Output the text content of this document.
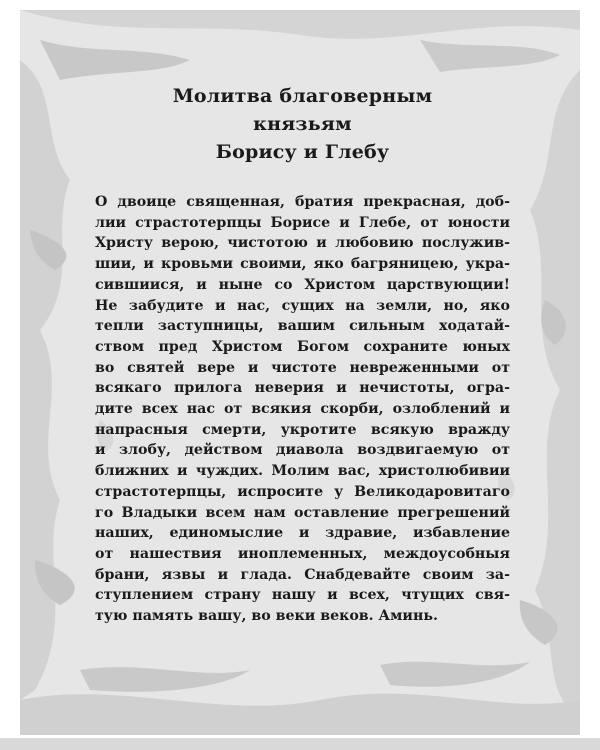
Молитва благоверным
князьям
Борису и Глебу

О двоице священная, братия прекрасная, доб-
лии страстотерпцы Борисе и Глебе, от юности
Христу верою, чистотою и любовию послужив-
шии, и кровьми своими, яко багряницею, укра-
сившиися, и ныне со Христом царствующии!
Не забудите и нас, сущих на земли, но, яко
тепли заступницы, вашим сильным ходатай-
ством пред Христом Богом сохраните юных
во святей вере и чистоте невреженными от
всякаго прилога неверия и нечистоты, огра-
дите всех нас от всякия скорби, озлоблений и
напрасныя смерти, укротите всякую вражду
и злобу, действом диавола воздвигаемую от
ближних и чуждих. Молим вас, христолюбивии
страстотерпцы, испросите у Великодаровитаго
го Владыки всем нам оставление прегрешений
наших, единомыслие и здравие, избавление
от нашествия иноплеменных, междоусобныя
брани, язвы и глада. Снабдевайте своим за-
ступлением страну нашу и всех, чтущих свя-
тую память вашу, во веки веков. Аминь.
